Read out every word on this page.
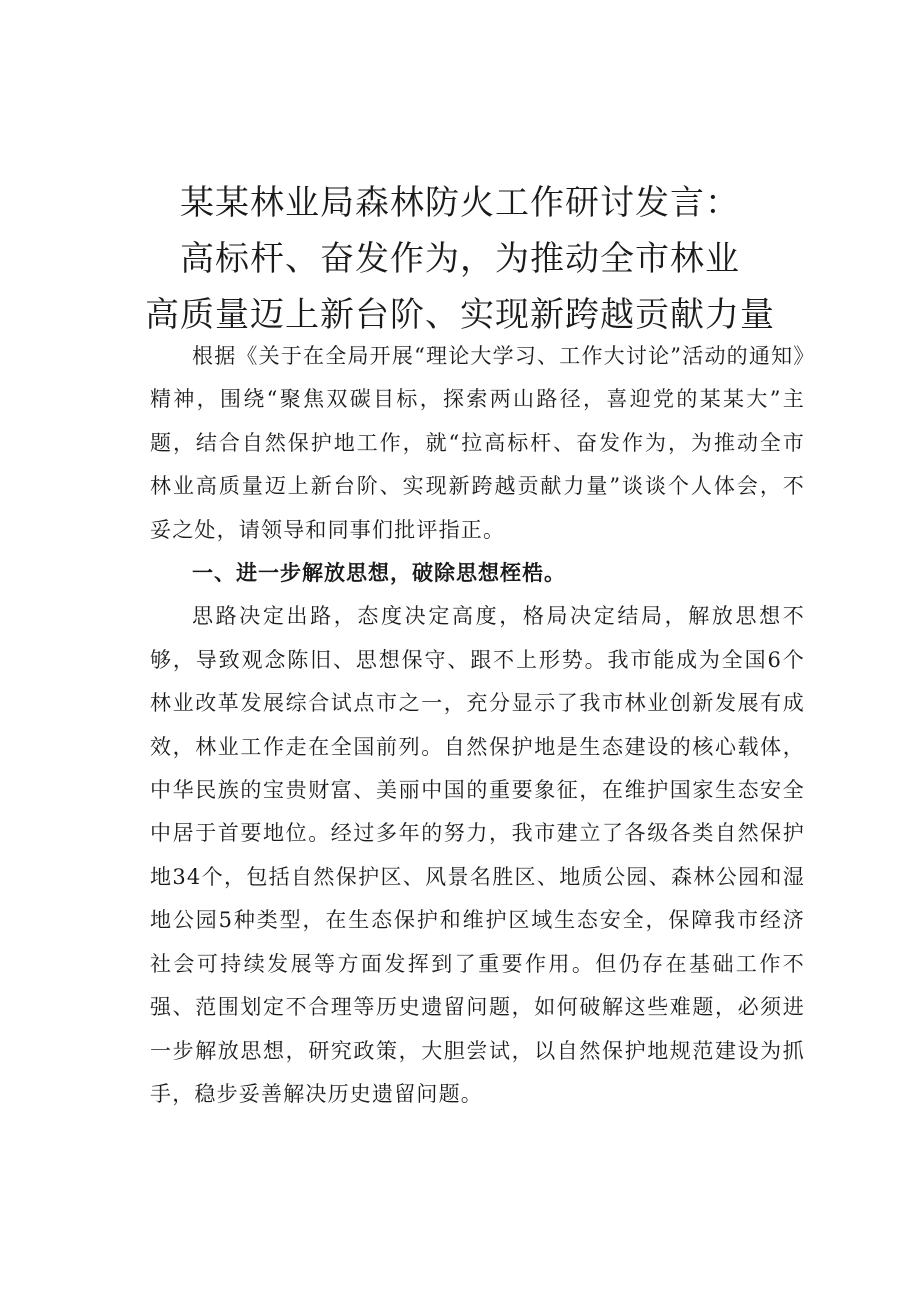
某某林业局森林防火工作研讨发言：
高标杆、奋发作为，为推动全市林业
高质量迈上新台阶、实现新跨越贡献力量

根据《关于在全局开展“理论大学习、工作大讨论”活动的通知》精神，围绕“聚焦双碳目标，探索两山路径，喜迎党的某某大”主题，结合自然保护地工作，就“拉高标杆、奋发作为，为推动全市林业高质量迈上新台阶、实现新跨越贡献力量”谈谈个人体会，不妥之处，请领导和同事们批评指正。

一、进一步解放思想，破除思想桎梏。

思路决定出路，态度决定高度，格局决定结局，解放思想不够，导致观念陈旧、思想保守、跟不上形势。我市能成为全国6个林业改革发展综合试点市之一，充分显示了我市林业创新发展有成效，林业工作走在全国前列。自然保护地是生态建设的核心载体，中华民族的宝贵财富、美丽中国的重要象征，在维护国家生态安全中居于首要地位。经过多年的努力，我市建立了各级各类自然保护地34个，包括自然保护区、风景名胜区、地质公园、森林公园和湿地公园5种类型，在生态保护和维护区域生态安全，保障我市经济社会可持续发展等方面发挥到了重要作用。但仍存在基础工作不强、范围划定不合理等历史遗留问题，如何破解这些难题，必须进一步解放思想，研究政策，大胆尝试，以自然保护地规范建设为抓手，稳步妥善解决历史遗留问题。
